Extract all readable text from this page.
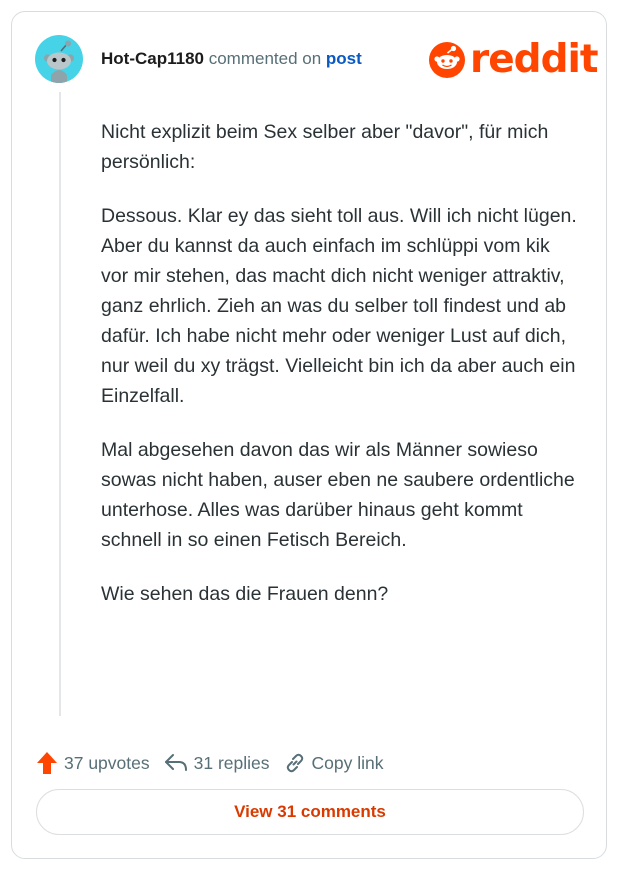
Hot-Cap1180 commented on post	reddit

Nicht explizit beim Sex selber aber "davor", für mich persönlich:

Dessous. Klar ey das sieht toll aus. Will ich nicht lügen. Aber du kannst da auch einfach im schlüppi vom kik vor mir stehen, das macht dich nicht weniger attraktiv, ganz ehrlich. Zieh an was du selber toll findest und ab dafür. Ich habe nicht mehr oder weniger Lust auf dich, nur weil du xy trägst. Vielleicht bin ich da aber auch ein Einzelfall.

Mal abgesehen davon das wir als Männer sowieso sowas nicht haben, auser eben ne saubere ordentliche unterhose. Alles was darüber hinaus geht kommt schnell in so einen Fetisch Bereich.

Wie sehen das die Frauen denn?

37 upvotes	31 replies Copy link
View 31 comments
